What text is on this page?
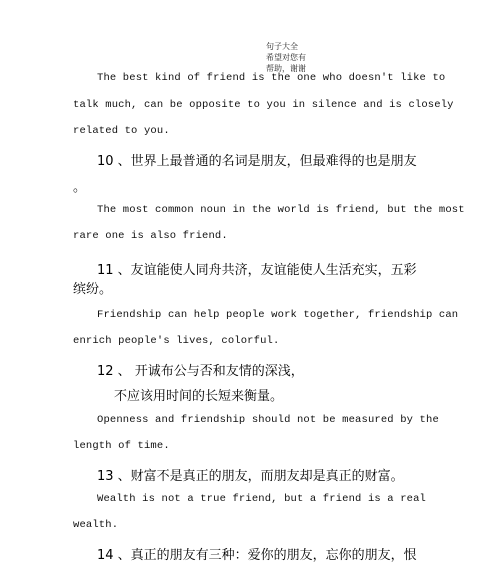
句子大全
希望对您有
帮助，谢谢
The best kind of friend is the one who doesn't like to
talk much, can be opposite to you in silence and is closely
related to you.
10 、世界上最普通的名词是朋友，但最难得的也是朋友
。
The most common noun in the world is friend, but the most
rare one is also friend.
11 、友谊能使人同舟共济，友谊能使人生活充实，五彩
缤纷。
Friendship can help people work together, friendship can
enrich people's lives, colorful.
12 、 开诚布公与否和友情的深浅，
不应该用时间的长短来衡量。
Openness and friendship should not be measured by the
length of time.
13 、财富不是真正的朋友，而朋友却是真正的财富。
Wealth is not a true friend, but a friend is a real
wealth.
14 、真正的朋友有三种：爱你的朋友，忘你的朋友，恨
